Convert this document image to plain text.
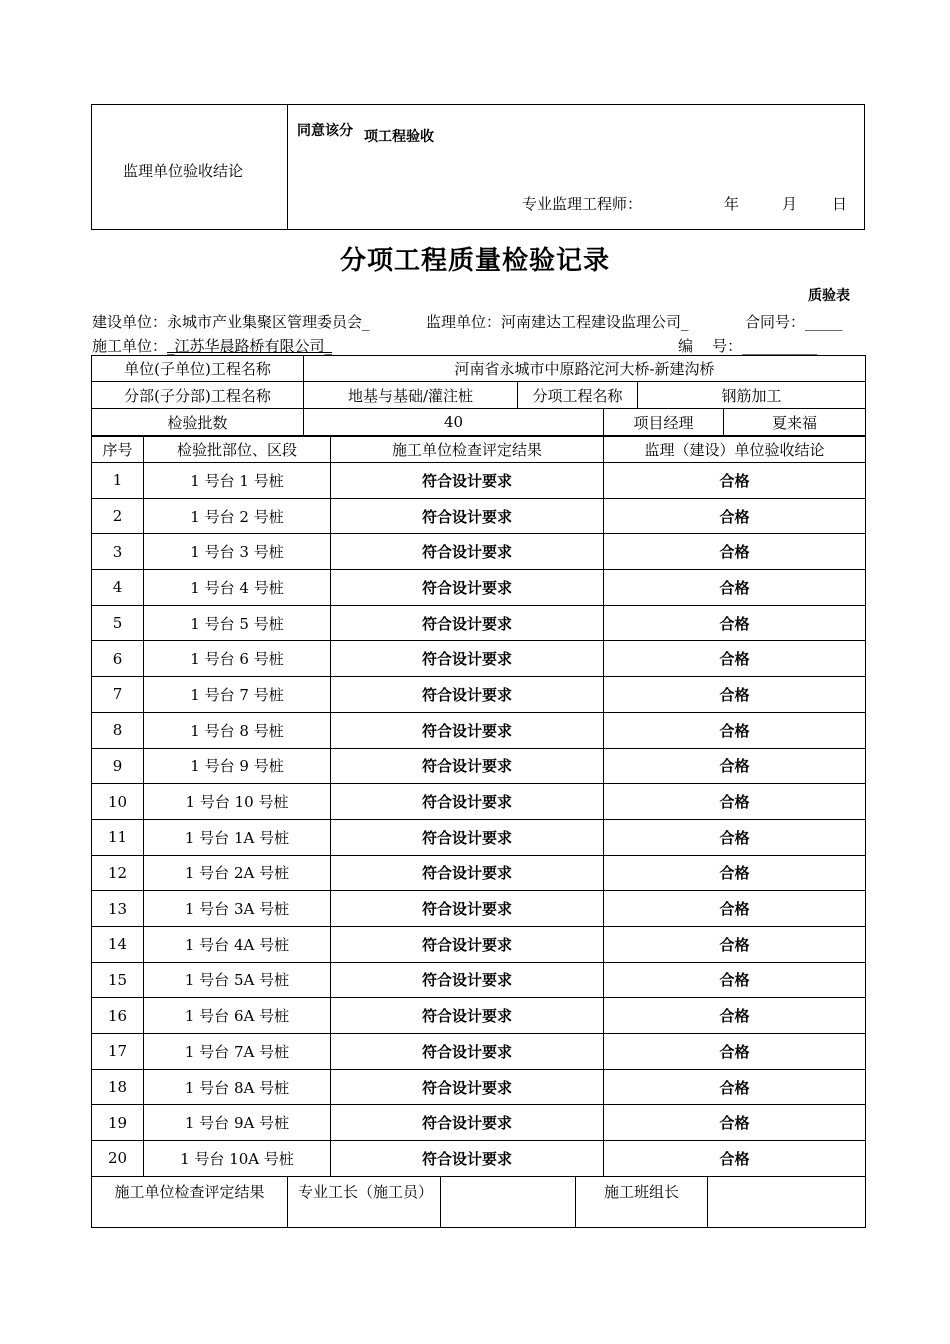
监理单位验收结论
同意该分 项工程验收
专业监理工程师：	年	月 日
分项工程质量检验记录
质验表
建设单位：永城市产业集聚区管理委员会_	监理单位：河南建达工程建设监理公司_	合同号：_____
施工单位：_江苏华晨路桥有限公司_	编    号：__________
单位(子单位)工程名称	河南省永城市中原路沱河大桥-新建沟桥				
分部(子分部)工程名称	地基与基础/灌注桩	分项工程名称		钢筋加工	
检验批数	40		项目经理		夏来福
序号	检验批部位、区段	施工单位检查评定结果	监理（建设）单位验收结论
1	1 号台 1 号桩	符合设计要求	合格
2	1 号台 2 号桩	符合设计要求	合格
3	1 号台 3 号桩	符合设计要求	合格
4	1 号台 4 号桩	符合设计要求	合格
5	1 号台 5 号桩	符合设计要求	合格
6	1 号台 6 号桩	符合设计要求	合格
7	1 号台 7 号桩	符合设计要求	合格
8	1 号台 8 号桩	符合设计要求	合格
9	1 号台 9 号桩	符合设计要求	合格
10	1 号台 10 号桩	符合设计要求	合格
11	1 号台 1A 号桩	符合设计要求	合格
12	1 号台 2A 号桩	符合设计要求	合格
13	1 号台 3A 号桩	符合设计要求	合格
14	1 号台 4A 号桩	符合设计要求	合格
15	1 号台 5A 号桩	符合设计要求	合格
16	1 号台 6A 号桩	符合设计要求	合格
17	1 号台 7A 号桩	符合设计要求	合格
18	1 号台 8A 号桩	符合设计要求	合格
19	1 号台 9A 号桩	符合设计要求	合格
20	1 号台 10A 号桩	符合设计要求	合格
施工单位检查评定结果	专业工长（施工员）		施工班组长	
